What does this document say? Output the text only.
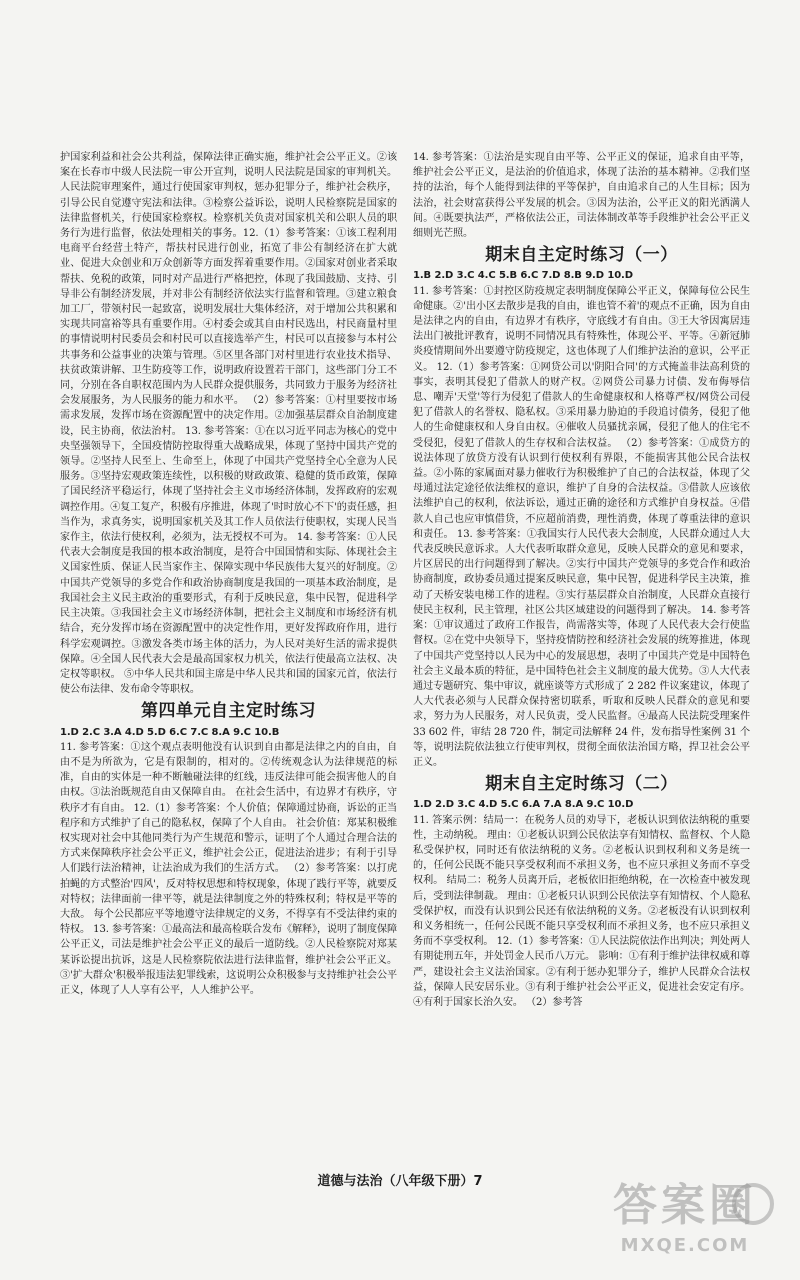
护国家利益和社会公共利益，保障法律正确实施，维护社会公平正义。②该案在长春市中级人民法院一审公开宣判，说明人民法院是国家的审判机关。 人民法院审理案件，通过行使国家审判权，惩办犯罪分子，维护社会秩序，引导公民自觉遵守宪法和法律。③检察公益诉讼，说明人民检察院是国家的法律监督机关，行使国家检察权。检察机关负责对国家机关和公职人员的职务行为进行监督，依法处理相关的事务。12.（1）参考答案：①该工程利用电商平台经营土特产，帮扶村民进行创业，拓宽了非公有制经济在扩大就业、促进大众创业和万众创新等方面发挥着重要作用。②国家对创业者采取帮扶、免税的政策，同时对产品进行严格把控，体现了我国鼓励、支持、引导非公有制经济发展，并对非公有制经济依法实行监督和管理。③建立粮食加工厂，带领村民一起致富，说明发展壮大集体经济，对于增加公共积累和实现共同富裕等具有重要作用。④村委会或其自由村民选出，村民商量村里的事情说明村民委员会和村民可以直接选举产生，村民可以直接参与本村公共事务和公益事业的决策与管理。⑤区里各部门对村里进行农业技术指导、扶贫政策讲解、卫生防疫等工作，说明政府设置若干部门，这些部门分工不同，分别在各自职权范围内为人民群众提供服务，共同致力于服务为经济社会发展服务，为人民服务的能力和水平。 （2）参考答案：①村里要按市场需求发展，发挥市场在资源配置中的决定作用。②加强基层群众自治制度建设，民主协商，依法治村。 13. 参考答案：①在以习近平同志为核心的党中央坚强领导下，全国疫情防控取得重大战略成果，体现了坚持中国共产党的领导。②坚持人民至上、生命至上，体现了中国共产党坚持全心全意为人民服务。③坚持宏观政策连续性，以积极的财政政策、稳健的货币政策，保障了国民经济平稳运行，体现了坚持社会主义市场经济体制，发挥政府的宏观调控作用。④复工复产，积极有序推进，体现了'时时放心不下'的责任感，担当作为，求真务实，说明国家机关及其工作人员依法行使职权，实现人民当家作主，依法行使权利，必须为，法无授权不可为。 14. 参考答案：①人民代表大会制度是我国的根本政治制度，是符合中国国情和实际、体现社会主义国家性质、保证人民当家作主、保障实现中华民族伟大复兴的好制度。②中国共产党领导的多党合作和政治协商制度是我国的一项基本政治制度，是我国社会主义民主政治的重要形式，有利于反映民意，集中民智，促进科学民主决策。③我国社会主义市场经济体制，把社会主义制度和市场经济有机结合，充分发挥市场在资源配置中的决定性作用，更好发挥政府作用，进行科学宏观调控。③激发各类市场主体的活力，为人民对美好生活的需求提供保障。④全国人民代表大会是最高国家权力机关，依法行使最高立法权、决定权等职权。 ⑤中华人民共和国主席是中华人民共和国的国家元首，依法行使公布法律、发布命令等职权。

第四单元自主定时练习

1.D 2.C 3.A 4.D 5.D 6.C 7.C 8.A 9.C 10.B

11. 参考答案：①这个观点表明他没有认识到自由都是法律之内的自由，自由不是为所欲为，它是有限制的，相对的。②传统观念认为法律规范的标准，自由的实体是一种不断触碰法律的红线，违反法律可能会损害他人的自由权。③法治既规范自由又保障自由。 在社会生活中，有边界才有秩序，守秩序才有自由。 12.（1）参考答案：个人价值；保障通过协商，诉讼的正当程序和方式维护了自己的隐私权，保障了个人自由。 社会价值：郑某积极维权实现对社会中其他同类行为产生规范和警示，证明了个人通过合理合法的方式来保障秩序社会公平正义，维护社会公正，促进法治进步；有利于引导人们践行法治精神，让法治成为我们的生活方式。 （2）参考答案：以打虎拍蝇的方式整治'四风'，反对特权思想和特权现象，体现了践行平等，就要反对特权；法律面前一律平等，就是法律制度之外的特殊权利；特权是平等的大敌。 每个公民都应平等地遵守法律规定的义务，不得享有不受法律约束的特权。 13. 参考答案：①最高法和最高检联合发布《解释》，说明了制度保障公平正义，司法是维护社会公平正义的最后一道防线。②人民检察院对郑某某诉讼提出抗诉，这是人民检察院依法进行法律监督，维护社会公平正义。③'扩大群众'积极举报违法犯罪线索，这说明公众积极参与支持维护社会公平正义，体现了人人享有公平，人人维护公平。

14. 参考答案：①法治是实现自由平等、公平正义的保证，追求自由平等，维护社会公平正义，是法治的价值追求，体现了法治的基本精神。②我们坚持的法治，每个人能得到法律的平等保护，自由追求自己的人生目标；因为法治，社会财富获得公平发展的机会。③因为法治，公平正义的阳光洒满人间。④既要执法严，严格依法公正，司法体制改革等手段维护社会公平正义细则光芒照。

期末自主定时练习（一）

1.B 2.D 3.C 4.C 5.B 6.C 7.D 8.B 9.D 10.D

11. 参考答案：①封控区防疫规定表明制度保障公平正义，保障每位公民生命健康。②'出小区去散步是我的自由，谁也管不着'的观点不正确，因为自由是法律之内的自由，有边界才有秩序，守底线才有自由。③王大爷因寓居违法出门被批评教育，说明不同情况具有特殊性，体现公平、平等。④新冠肺炎疫情期间外出要遵守防疫规定，这也体现了人们维护法治的意识，公平正义。 12.（1）参考答案：①网贷公司以'阴阳合同'的方式掩盖非法高利贷的事实，表明其侵犯了借款人的财产权。②网贷公司暴力讨债、发布侮辱信息、嘲弄'天堂'等行为侵犯了借款人的生命健康权和人格尊严权/网贷公司侵犯了借款人的名誉权、隐私权。③采用暴力胁迫的手段追讨债务，侵犯了他人的生命健康权和人身自由权。④催收人员骚扰亲属，侵犯了他人的住宅不受侵犯，侵犯了借款人的生存权和合法权益。 （2）参考答案：①成贷方的说法体现了放贷方没有认识到行使权利有界限，不能损害其他公民合法权益。②小陈的家属面对暴力催收行为积极维护了自己的合法权益，体现了父母通过法定途径依法维权的意识，维护了自身的合法权益。③借款人应该依法维护自己的权利，依法诉讼，通过正确的途径和方式维护自身权益。④借款人自己也应审慎借贷，不应超前消费，理性消费，体现了尊重法律的意识和责任。 13. 参考答案：①我国实行人民代表大会制度，人民群众通过人大代表反映民意诉求。人大代表听取群众意见，反映人民群众的意见和要求，片区居民的出行问题得到了解决。②实行中国共产党领导的多党合作和政治协商制度，政协委员通过提案反映民意，集中民智，促进科学民主决策，推动了天桥安装电梯工作的进程。③实行基层群众自治制度，人民群众直接行使民主权利，民主管理，社区公共区域建设的问题得到了解决。 14. 参考答案：①审议通过了政府工作报告，尚需落实等，体现了人民代表大会行使监督权。②在党中央领导下，坚持疫情防控和经济社会发展的统筹推进，体现了中国共产党坚持以人民为中心的发展思想，表明了中国共产党是中国特色社会主义最本质的特征，是中国特色社会主义制度的最大优势。③人大代表通过专题研究、集中审议，就座谈等方式形成了 2 282 件议案建议，体现了人大代表必须与人民群众保持密切联系，听取和反映人民群众的意见和要求，努力为人民服务，对人民负责，受人民监督。④最高人民法院受理案件 33 602 件，审结 28 720 件，制定司法解释 24 件，发布指导性案例 31 个等，说明法院依法独立行使审判权，贯彻全面依法治国方略，捍卫社会公平正义。

期末自主定时练习（二）

1.D 2.D 3.C 4.D 5.C 6.A 7.A 8.A 9.C 10.D

11. 答案示例：结局一：在税务人员的劝导下，老板认识到依法纳税的重要性，主动纳税。 理由：①老板认识到公民依法享有知情权、监督权、个人隐私受保护权，同时还有依法纳税的义务。②老板认识到权利和义务是统一的，任何公民既不能只享受权利而不承担义务，也不应只承担义务而不享受权利。 结局二：税务人员离开后，老板依旧拒绝纳税，在一次检查中被发现后，受到法律制裁。 理由：①老板只认识到公民依法享有知情权、个人隐私受保护权，而没有认识到公民还有依法纳税的义务。②老板没有认识到权利和义务相统一，任何公民既不能只享受权利而不承担义务，也不应只承担义务而不享受权利。 12.（1）参考答案：①人民法院依法作出判决；判处两人有期徒刑五年，并处罚金人民币八万元。 影响：①有利于维护法律权威和尊严，建设社会主义法治国家。②有利于惩办犯罪分子，维护人民群众合法权益，保障人民安居乐业。③有利于维护社会公平正义，促进社会安定有序。④有利于国家长治久安。 （2）参考答

道德与法治（八年级下册）7	答案圈
MXQE.COM
